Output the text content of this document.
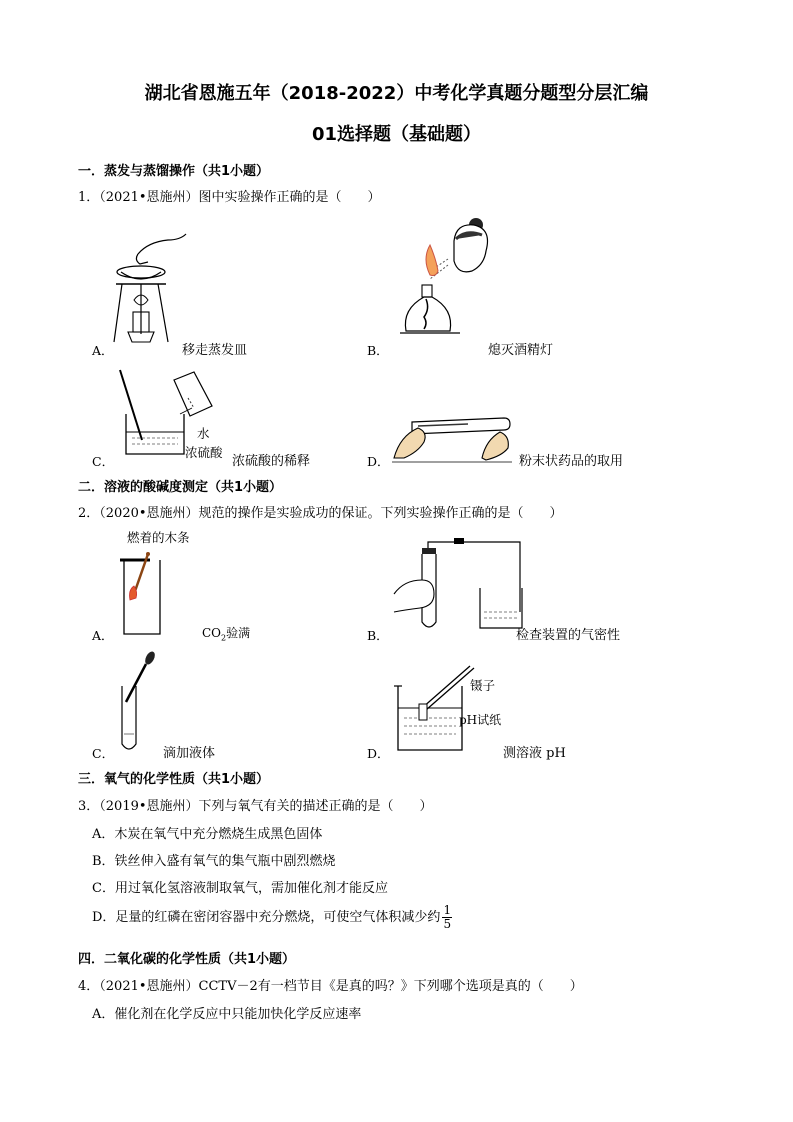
湖北省恩施五年（2018-2022）中考化学真题分题型分层汇编
01选择题（基础题）
一．蒸发与蒸馏操作（共1小题）
1．（2021•恩施州）图中实验操作正确的是（　　）
A．	移走蒸发皿	B．	熄灭酒精灯
水
浓硫酸
C．	浓硫酸的稀释	D．	粉末状药品的取用
二．溶液的酸碱度测定（共1小题）
2．（2020•恩施州）规范的操作是实验成功的保证。下列实验操作正确的是（　　）
燃着的木条
A．	$CO_2$验满	B．	检查装置的气密性
C．	滴加液体
镊子
pH试纸
D．	测溶液 pH
三．氧气的化学性质（共1小题）
3．（2019•恩施州）下列与氧气有关的描述正确的是（　　）
A．木炭在氧气中充分燃烧生成黑色固体
B．铁丝伸入盛有氧气的集气瓶中剧烈燃烧
C．用过氧化氢溶液制取氧气，需加催化剂才能反应
D．足量的红磷在密闭容器中充分燃烧，可使空气体积减少约 $\frac{1}{5}$
四．二氧化碳的化学性质（共1小题）
4．（2021•恩施州）CCTV－2有一档节目《是真的吗？》下列哪个选项是真的（　　）
A．催化剂在化学反应中只能加快化学反应速率
